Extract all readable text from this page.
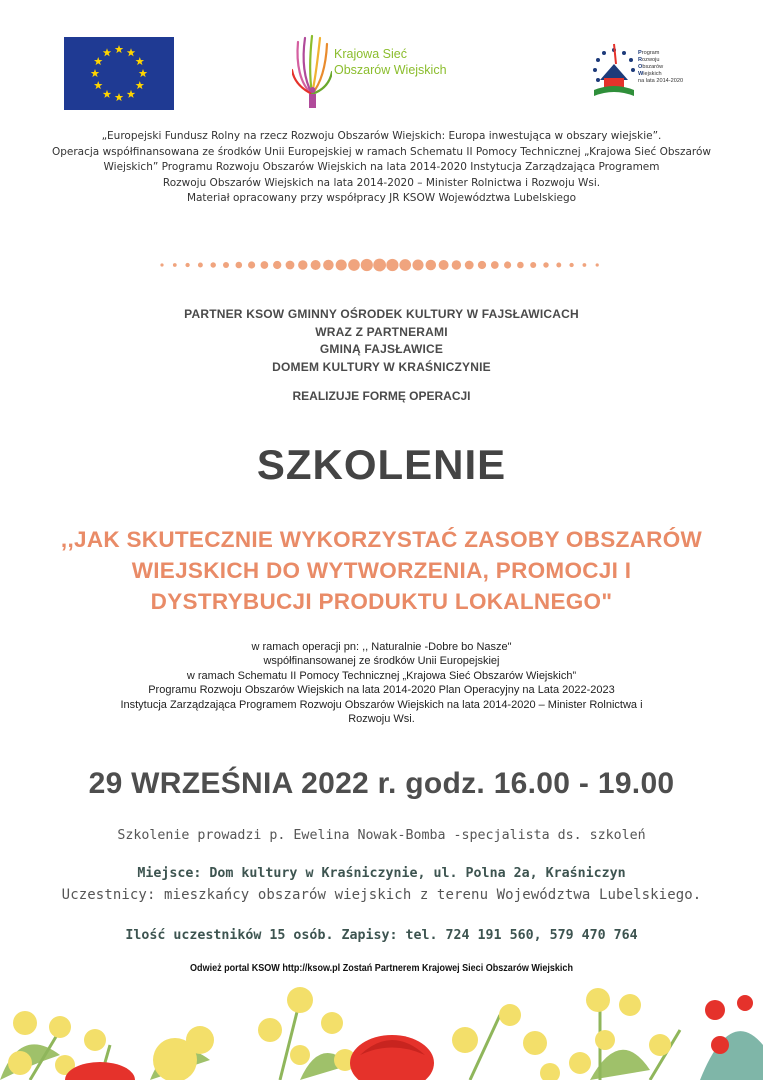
Krajowa Sieć
Obszarów Wiejskich
Program
Rozwoju
Obszarów
Wiejskich
na lata 2014-2020
„Europejski Fundusz Rolny na rzecz Rozwoju Obszarów Wiejskich: Europa inwestująca w obszary wiejskie”.
Operacja współfinansowana ze środków Unii Europejskiej w ramach Schematu II Pomocy Technicznej „Krajowa Sieć Obszarów
Wiejskich” Programu Rozwoju Obszarów Wiejskich na lata 2014-2020 Instytucja Zarządzająca Programem
Rozwoju Obszarów Wiejskich na lata 2014-2020 – Minister Rolnictwa i Rozwoju Wsi.
Materiał opracowany przy współpracy JR KSOW Województwa Lubelskiego
PARTNER KSOW GMINNY OŚRODEK KULTURY W FAJSŁAWICACH
WRAZ Z PARTNERAMI
GMINĄ FAJSŁAWICE
DOMEM KULTURY W KRAŚNICZYNIE
REALIZUJE FORMĘ OPERACJI
SZKOLENIE
,,JAK SKUTECZNIE WYKORZYSTAĆ ZASOBY OBSZARÓW
WIEJSKICH DO WYTWORZENIA, PROMOCJI I
DYSTRYBUCJI PRODUKTU LOKALNEGO"
w ramach operacji pn: ,, Naturalnie -Dobre bo Nasze"
współfinansowanej ze środków Unii Europejskiej
w ramach Schematu II Pomocy Technicznej „Krajowa Sieć Obszarów Wiejskich”
Programu Rozwoju Obszarów Wiejskich na lata 2014-2020 Plan Operacyjny na Lata 2022-2023
Instytucja Zarządzająca Programem Rozwoju Obszarów Wiejskich na lata 2014-2020 – Minister Rolnictwa i
Rozwoju Wsi.
29 WRZEŚNIA 2022 r. godz. 16.00 - 19.00
Szkolenie prowadzi p. Ewelina Nowak-Bomba -specjalista ds. szkoleń
Miejsce: Dom kultury w Kraśniczynie, ul. Polna 2a, Kraśniczyn
Uczestnicy: mieszkańcy obszarów wiejskich z terenu Województwa Lubelskiego.
Ilość uczestników 15 osób. Zapisy: tel. 724 191 560, 579 470 764
Odwież portal KSOW http://ksow.pl Zostań Partnerem Krajowej Sieci Obszarów Wiejskich
